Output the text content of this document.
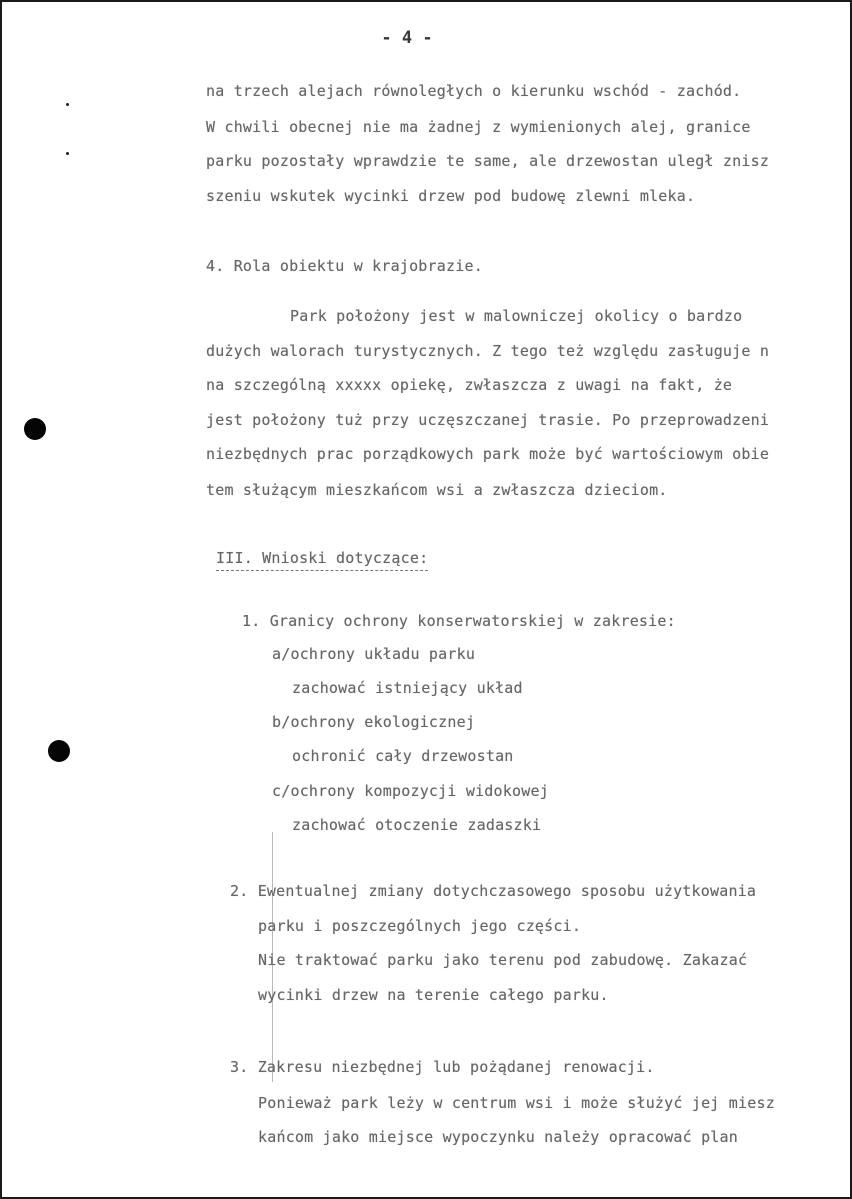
- 4 -
na trzech alejach równoległych o kierunku wschód - zachód.
W chwili obecnej nie ma żadnej z wymienionych alej, granice
parku pozostały wprawdzie te same, ale drzewostan uległ znisz
szeniu wskutek wycinki drzew pod budowę zlewni mleka.
4. Rola obiektu w krajobrazie.
Park położony jest w malowniczej okolicy o bardzo
dużych walorach turystycznych. Z tego też względu zasługuje n
na szczególną xxxxx opiekę, zwłaszcza z uwagi na fakt, że
jest położony tuż przy uczęszczanej trasie. Po przeprowadzeni
niezbędnych prac porządkowych park może być wartościowym obie
tem służącym mieszkańcom wsi a zwłaszcza dzieciom.
III. Wnioski dotyczące:
1. Granicy ochrony konserwatorskiej w zakresie:
a/ochrony układu parku
zachować istniejący układ
b/ochrony ekologicznej
ochronić cały drzewostan
c/ochrony kompozycji widokowej
zachować otoczenie zadaszki
2. Ewentualnej zmiany dotychczasowego sposobu użytkowania
parku i poszczególnych jego części.
Nie traktować parku jako terenu pod zabudowę. Zakazać
wycinki drzew na terenie całego parku.
3. Zakresu niezbędnej lub pożądanej renowacji.
Ponieważ park leży w centrum wsi i może służyć jej miesz
kańcom jako miejsce wypoczynku należy opracować plan
